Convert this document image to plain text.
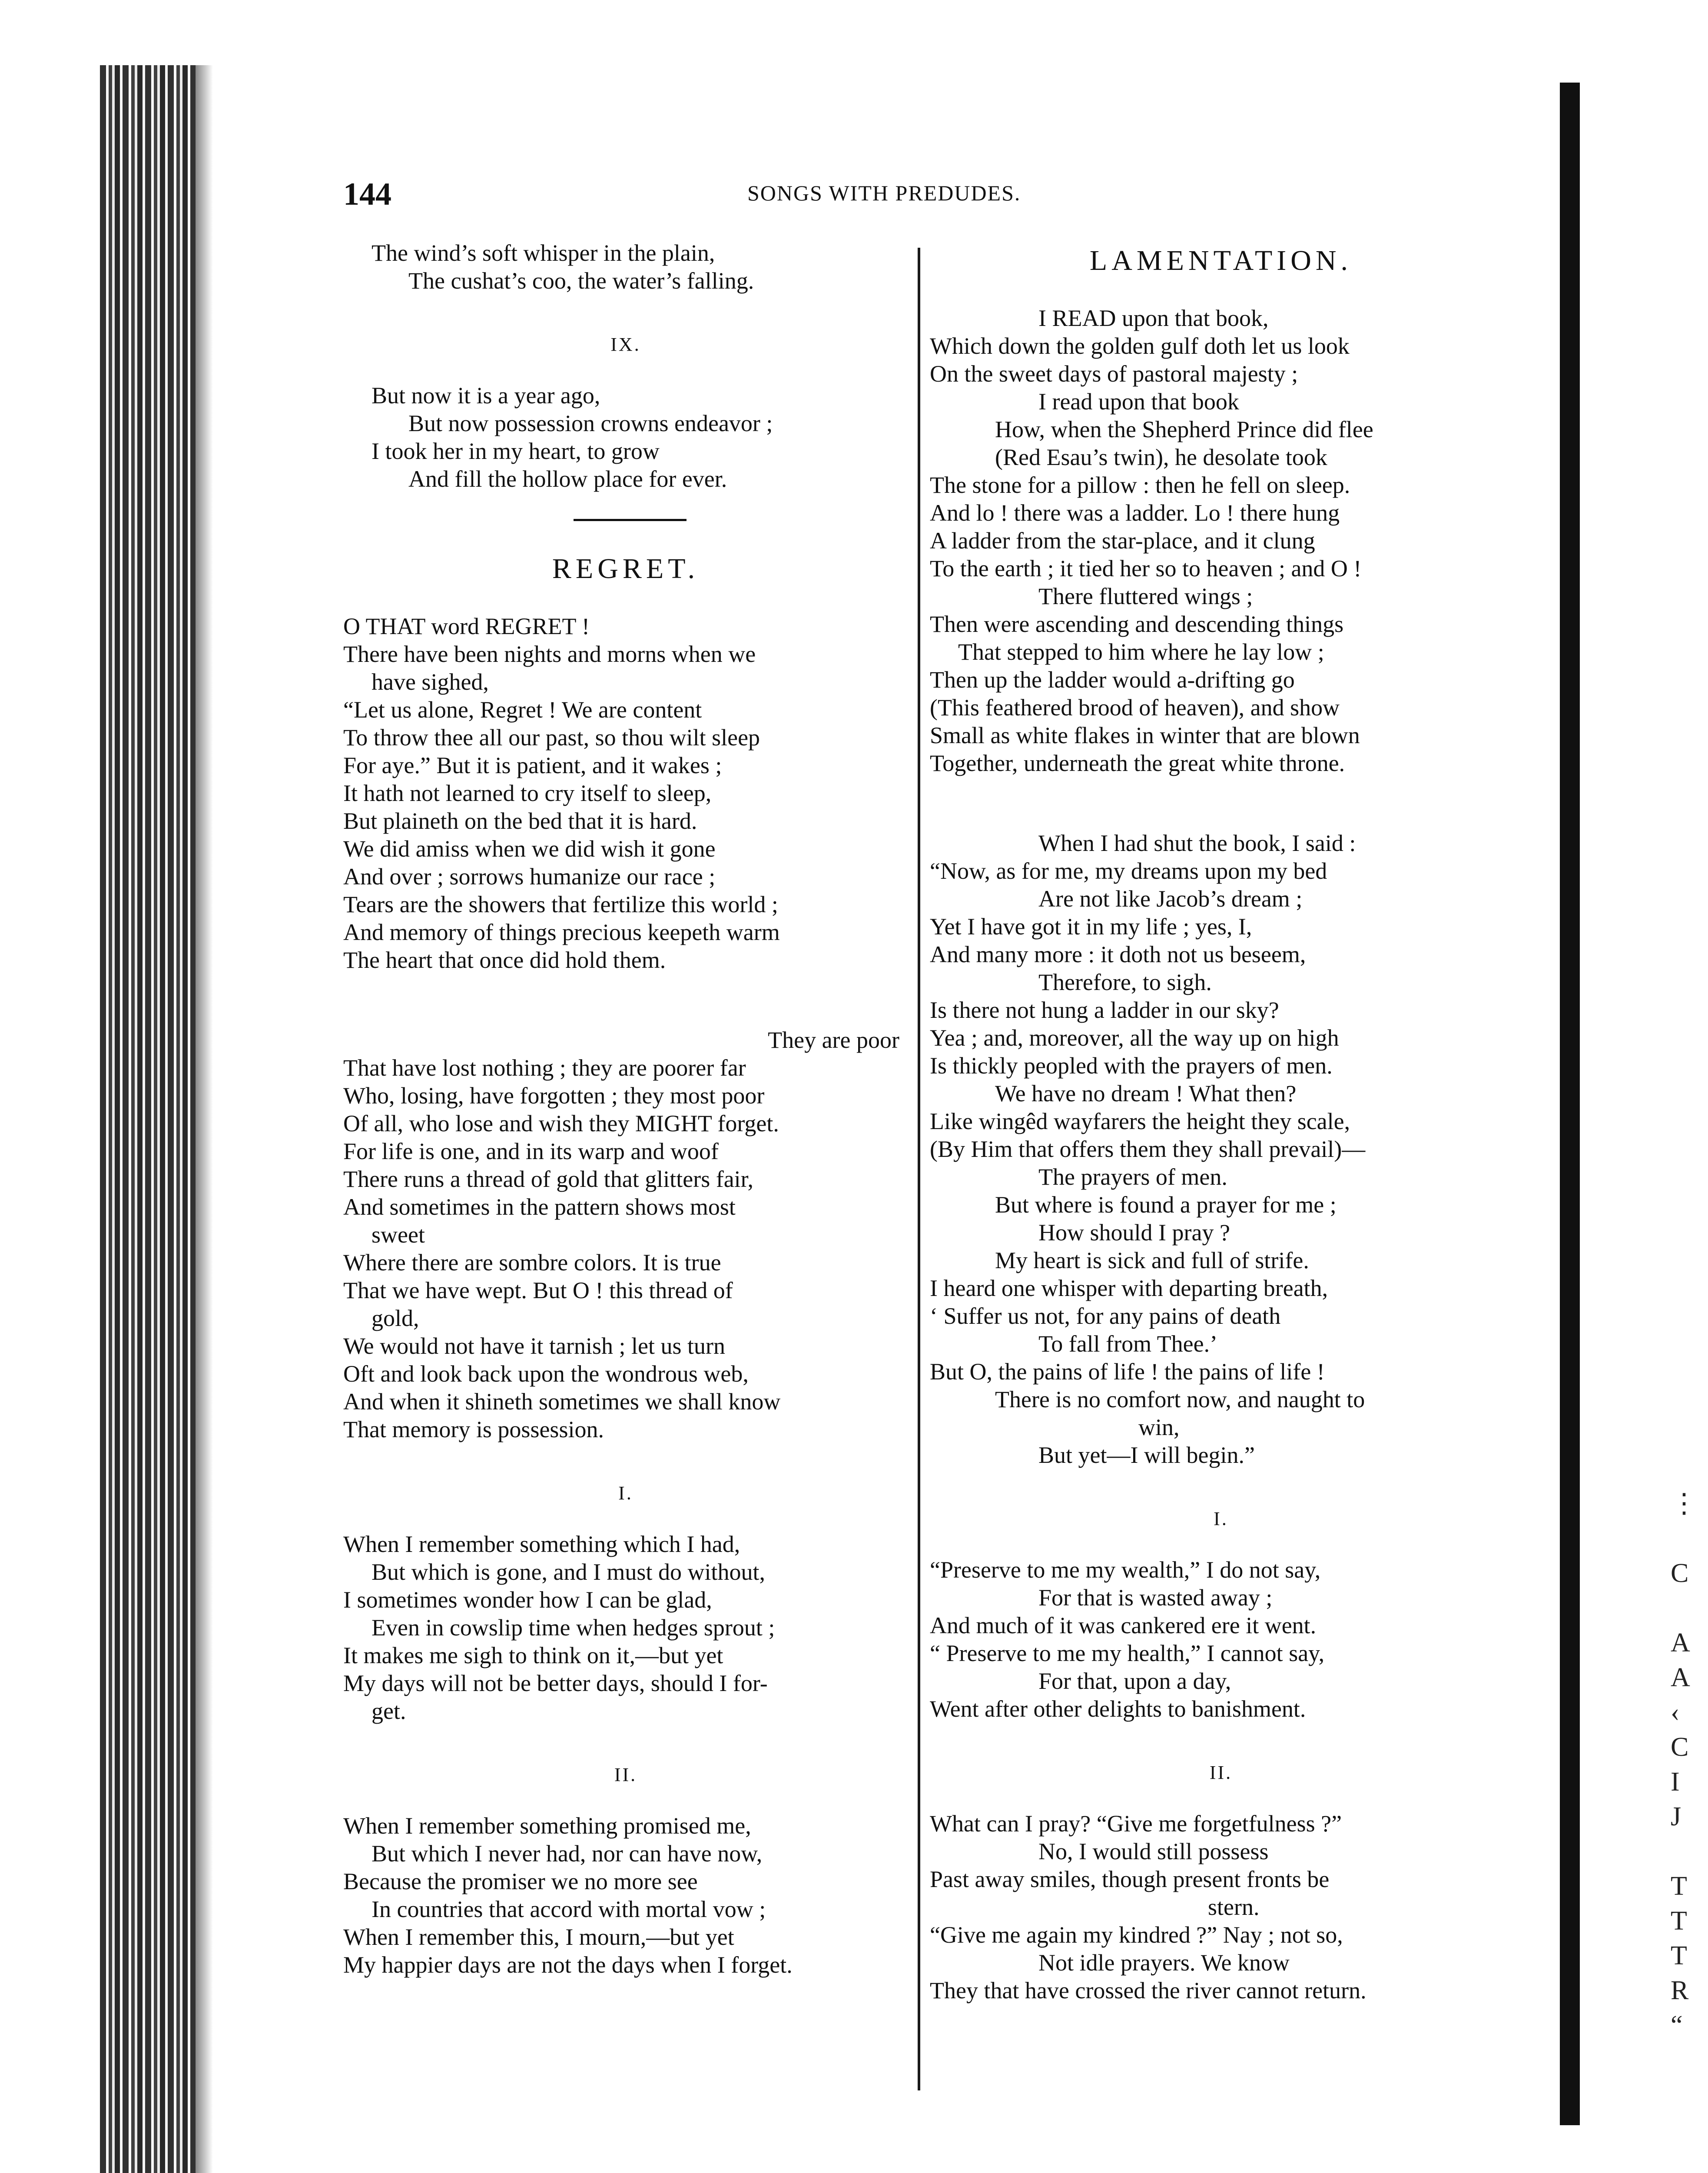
⋮

C

A
A
‹
C
I
J

T
T
T
R
“
144	SONGS WITH PREDUDES.
The wind’s soft whisper in the plain,
The cushat’s coo, the water’s falling.
IX.
But now it is a year ago,
But now possession crowns endeavor ;
I took her in my heart, to grow
And fill the hollow place for ever.
REGRET.
O THAT word REGRET !
There have been nights and morns when we
have sighed,
“Let us alone, Regret ! We are content
To throw thee all our past, so thou wilt sleep
For aye.” But it is patient, and it wakes ;
It hath not learned to cry itself to sleep,
But plaineth on the bed that it is hard.
We did amiss when we did wish it gone
And over ; sorrows humanize our race ;
Tears are the showers that fertilize this world ;
And memory of things precious keepeth warm
The heart that once did hold them.
They are poor
That have lost nothing ; they are poorer far
Who, losing, have forgotten ; they most poor
Of all, who lose and wish they MIGHT forget.
For life is one, and in its warp and woof
There runs a thread of gold that glitters fair,
And sometimes in the pattern shows most
sweet
Where there are sombre colors. It is true
That we have wept. But O ! this thread of
gold,
We would not have it tarnish ; let us turn
Oft and look back upon the wondrous web,
And when it shineth sometimes we shall know
That memory is possession.
I.
When I remember something which I had,
But which is gone, and I must do without,
I sometimes wonder how I can be glad,
Even in cowslip time when hedges sprout ;
It makes me sigh to think on it,—but yet
My days will not be better days, should I for-
get.
II.
When I remember something promised me,
But which I never had, nor can have now,
Because the promiser we no more see
In countries that accord with mortal vow ;
When I remember this, I mourn,—but yet
My happier days are not the days when I forget.
LAMENTATION.
I READ upon that book,
Which down the golden gulf doth let us look
On the sweet days of pastoral majesty ;
I read upon that book
How, when the Shepherd Prince did flee
(Red Esau’s twin), he desolate took
The stone for a pillow : then he fell on sleep.
And lo ! there was a ladder. Lo ! there hung
A ladder from the star-place, and it clung
To the earth ; it tied her so to heaven ; and O !
There fluttered wings ;
Then were ascending and descending things
That stepped to him where he lay low ;
Then up the ladder would a-drifting go
(This feathered brood of heaven), and show
Small as white flakes in winter that are blown
Together, underneath the great white throne.
When I had shut the book, I said :
“Now, as for me, my dreams upon my bed
Are not like Jacob’s dream ;
Yet I have got it in my life ; yes, I,
And many more : it doth not us beseem,
Therefore, to sigh.
Is there not hung a ladder in our sky?
Yea ; and, moreover, all the way up on high
Is thickly peopled with the prayers of men.
We have no dream ! What then?
Like wingêd wayfarers the height they scale,
(By Him that offers them they shall prevail)—
The prayers of men.
But where is found a prayer for me ;
How should I pray ?
My heart is sick and full of strife.
I heard one whisper with departing breath,
‘ Suffer us not, for any pains of death
To fall from Thee.’
But O, the pains of life ! the pains of life !
There is no comfort now, and naught to
win,
But yet—I will begin.”
I.
“Preserve to me my wealth,” I do not say,
For that is wasted away ;
And much of it was cankered ere it went.
“ Preserve to me my health,” I cannot say,
For that, upon a day,
Went after other delights to banishment.
II.
What can I pray? “Give me forgetfulness ?”
No, I would still possess
Past away smiles, though present fronts be
stern.
“Give me again my kindred ?” Nay ; not so,
Not idle prayers. We know
They that have crossed the river cannot return.
